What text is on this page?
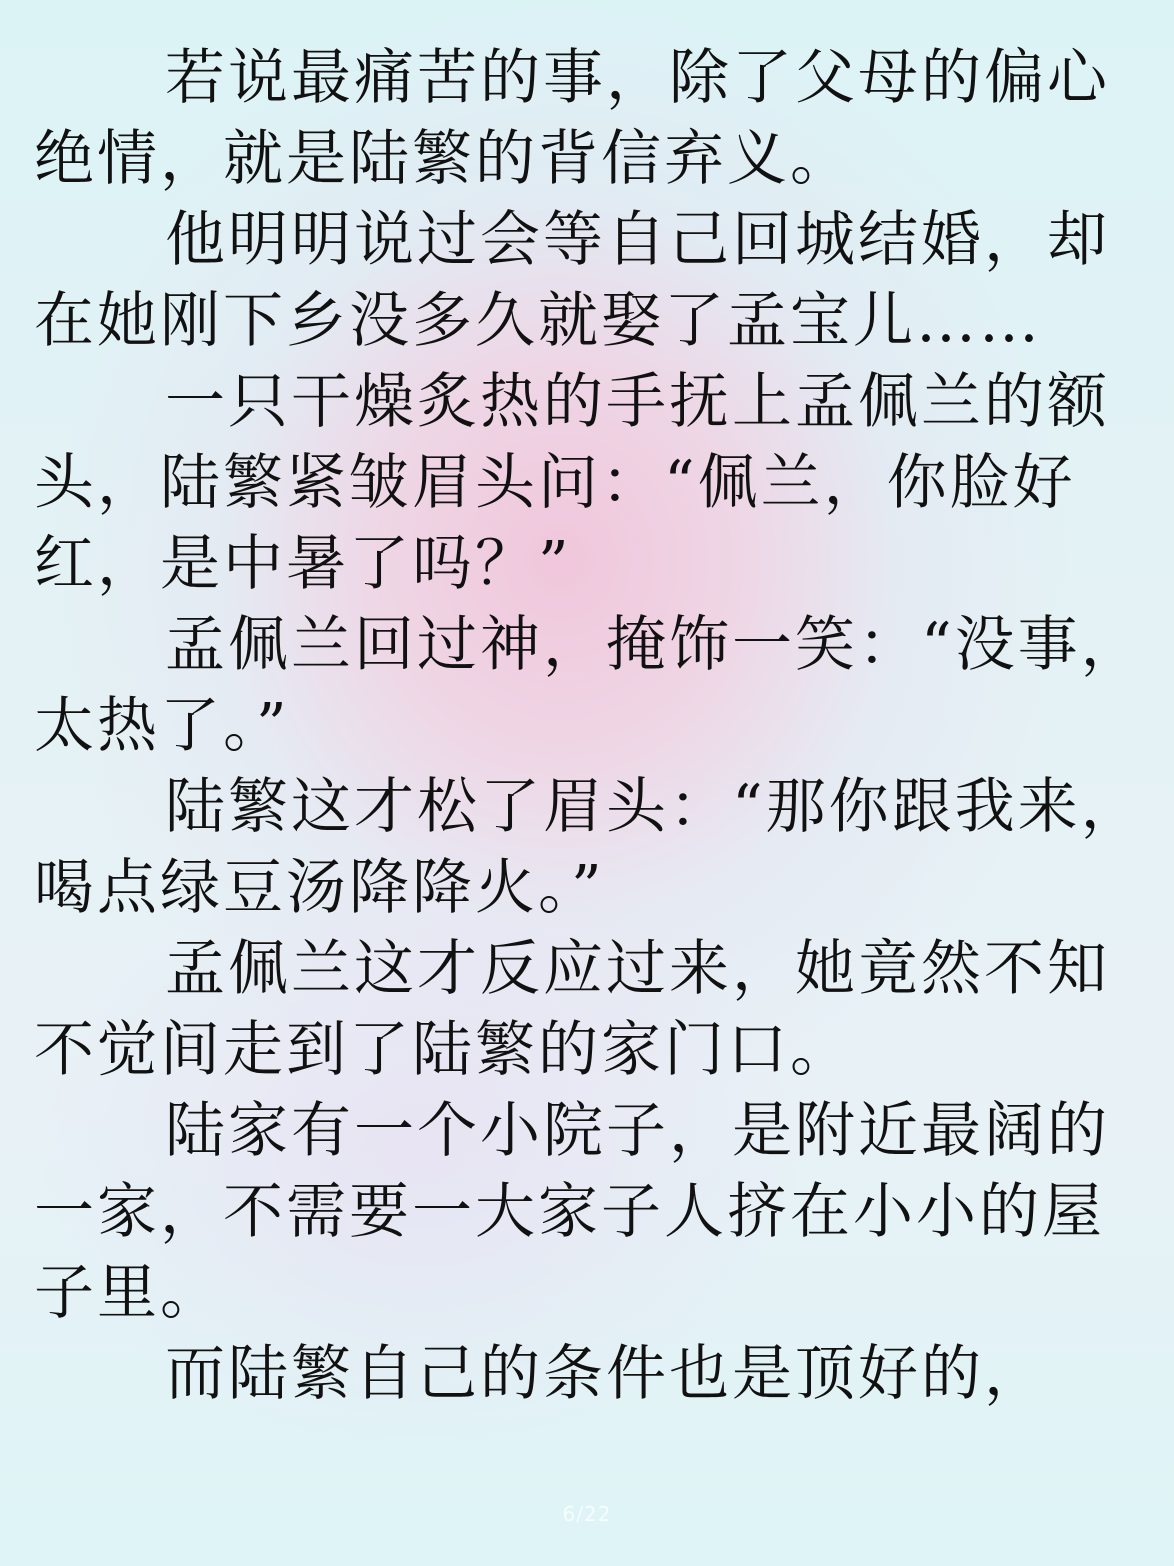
若说最痛苦的事，除了父母的偏心绝情，就是陆繁的背信弃义。

他明明说过会等自己回城结婚，却在她刚下乡没多久就娶了孟宝儿……

一只干燥炙热的手抚上孟佩兰的额头，陆繁紧皱眉头问：“佩兰，你脸好红，是中暑了吗？”

孟佩兰回过神，掩饰一笑：“没事，太热了。”

陆繁这才松了眉头：“那你跟我来，喝点绿豆汤降降火。”

孟佩兰这才反应过来，她竟然不知不觉间走到了陆繁的家门口。

陆家有一个小院子，是附近最阔的一家，不需要一大家子人挤在小小的屋子里。

而陆繁自己的条件也是顶好的，

6/22
